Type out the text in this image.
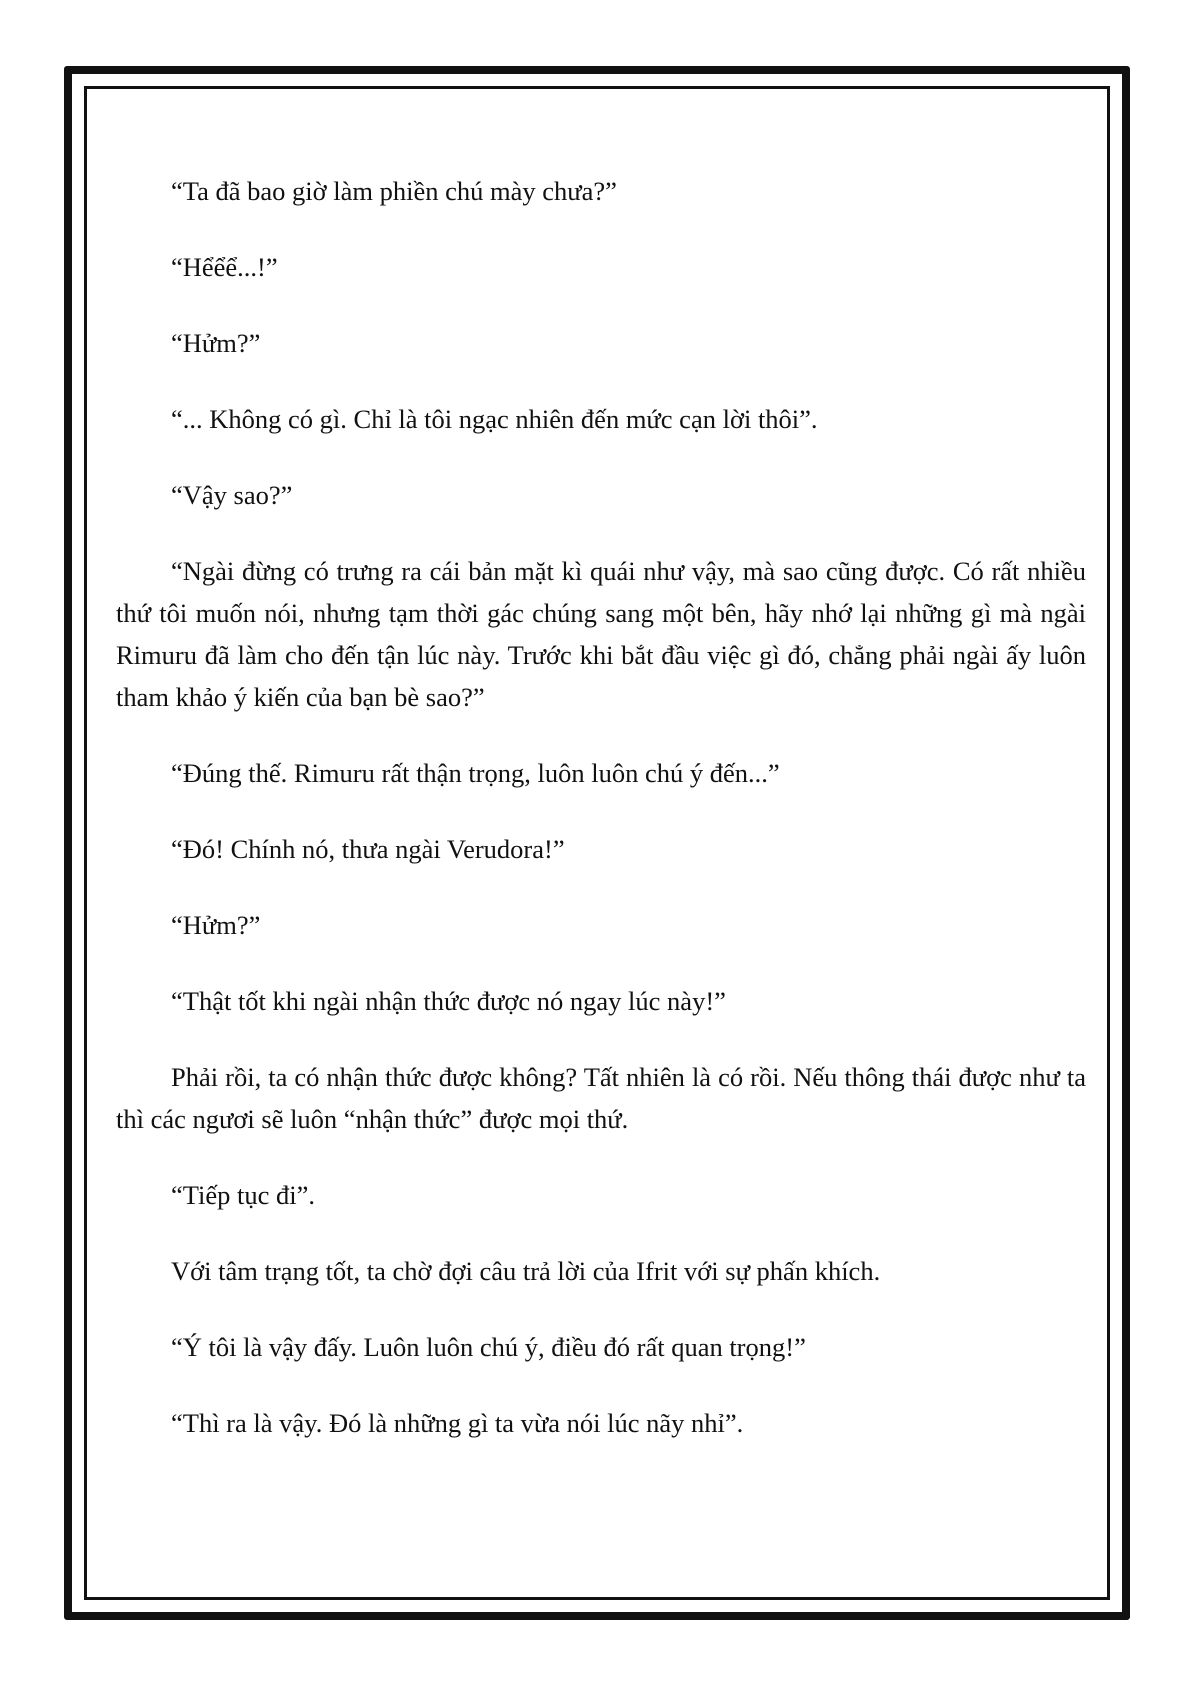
“Ta đã bao giờ làm phiền chú mày chưa?”

“Hểểể...!”

“Hửm?”

“... Không có gì. Chỉ là tôi ngạc nhiên đến mức cạn lời thôi”.

“Vậy sao?”

“Ngài đừng có trưng ra cái bản mặt kì quái như vậy, mà sao cũng được. Có rất nhiều thứ tôi muốn nói, nhưng tạm thời gác chúng sang một bên, hãy nhớ lại những gì mà ngài Rimuru đã làm cho đến tận lúc này. Trước khi bắt đầu việc gì đó, chẳng phải ngài ấy luôn tham khảo ý kiến của bạn bè sao?”

“Đúng thế. Rimuru rất thận trọng, luôn luôn chú ý đến...”

“Đó! Chính nó, thưa ngài Verudora!”

“Hửm?”

“Thật tốt khi ngài nhận thức được nó ngay lúc này!”

Phải rồi, ta có nhận thức được không? Tất nhiên là có rồi. Nếu thông thái được như ta thì các ngươi sẽ luôn “nhận thức” được mọi thứ.

“Tiếp tục đi”.

Với tâm trạng tốt, ta chờ đợi câu trả lời của Ifrit với sự phấn khích.

“Ý tôi là vậy đấy. Luôn luôn chú ý, điều đó rất quan trọng!”

“Thì ra là vậy. Đó là những gì ta vừa nói lúc nãy nhỉ”.
